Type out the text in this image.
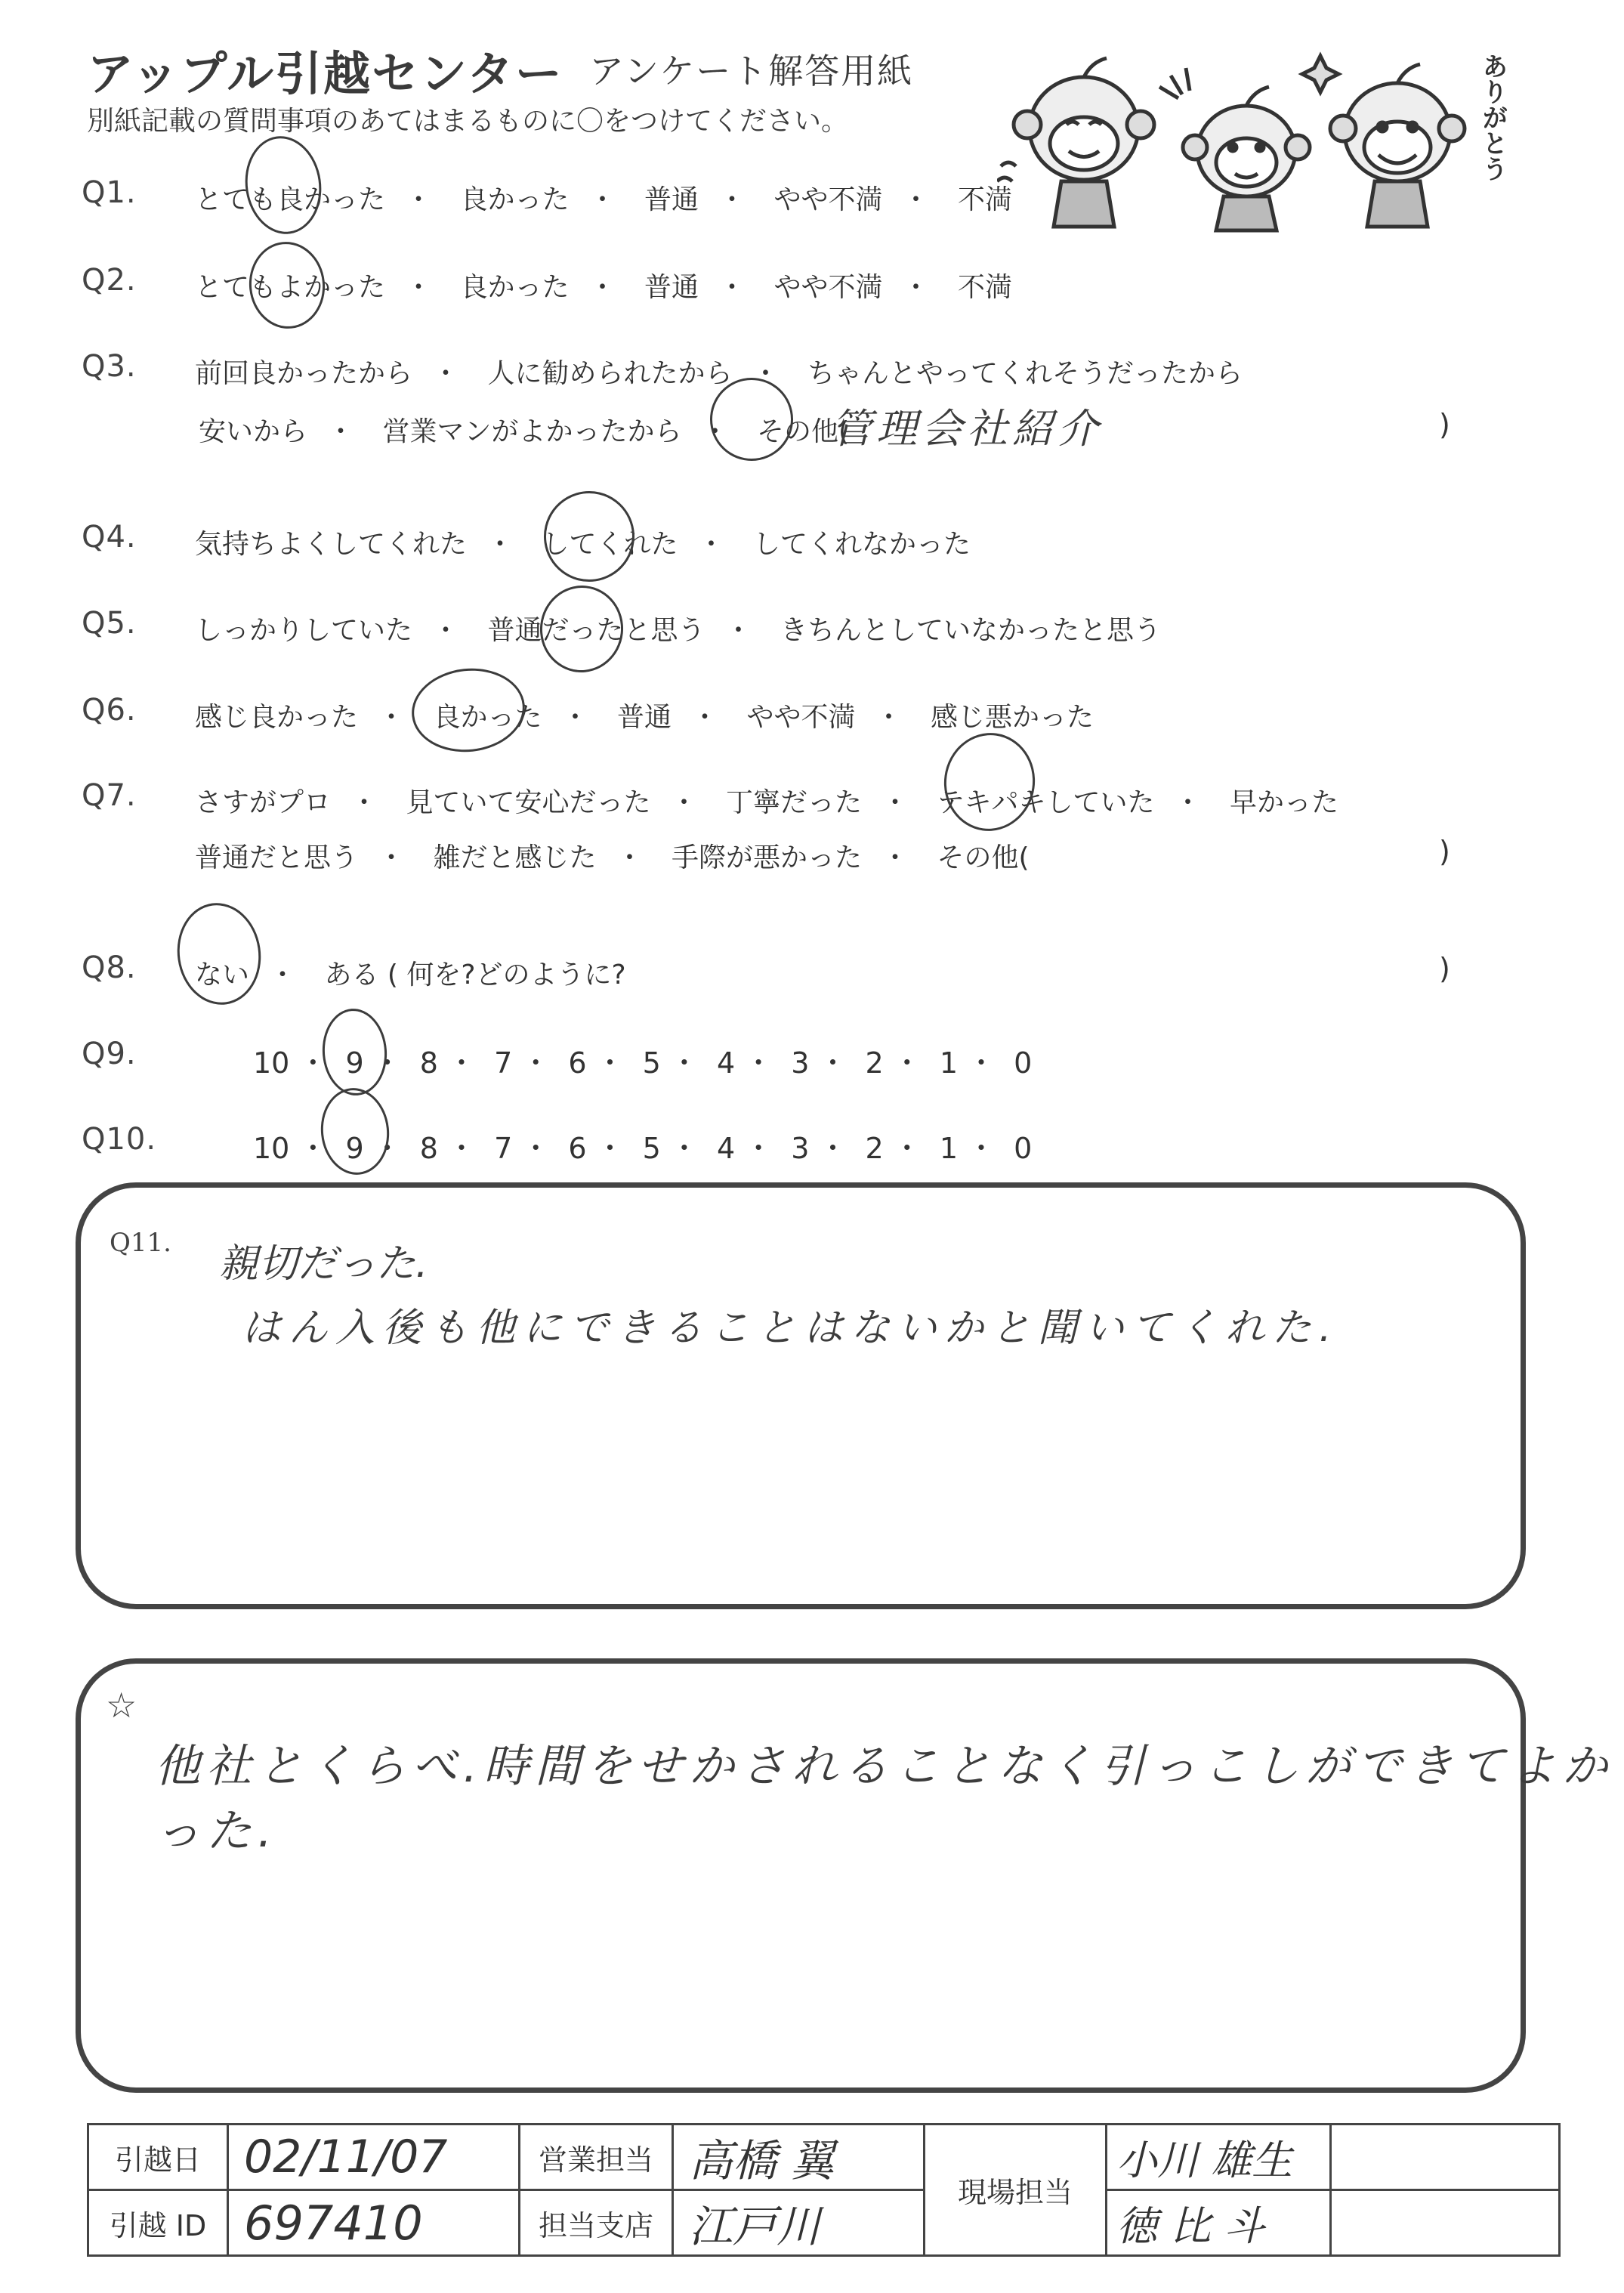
アップル引越センター アンケート解答用紙
別紙記載の質問事項のあてはまるものに〇をつけてください。	ありがとう
Q1. とても良かった ・ 良かった ・ 普通 ・ やや不満 ・ 不満
Q2. とてもよかった ・ 良かった ・ 普通 ・ やや不満 ・ 不満
Q3. 前回良かったから ・ 人に勧められたから ・ ちゃんとやってくれそうだったから
安いから ・ 営業マンがよかったから ・ その他(
管理会社紹介	)
Q4. 気持ちよくしてくれた ・ してくれた ・ してくれなかった
Q5. しっかりしていた ・ 普通だったと思う ・ きちんとしていなかったと思う
Q6. 感じ良かった ・ 良かった ・ 普通 ・ やや不満 ・ 感じ悪かった
Q7. さすがプロ ・ 見ていて安心だった ・ 丁寧だった ・ テキパキしていた ・ 早かった
普通だと思う ・ 雑だと感じた ・ 手際が悪かった ・ その他(	)
Q8. ない ・ ある ( 何を?どのように?	)
Q9.	10 ・ 9 ・ 8 ・ 7 ・ 6 ・ 5 ・ 4 ・ 3 ・ 2 ・ 1 ・ 0
Q10.	10 ・ 9 ・ 8 ・ 7 ・ 6 ・ 5 ・ 4 ・ 3 ・ 2 ・ 1 ・ 0
Q11. 親切だった.
はん入後も他にできることはないかと聞いてくれた.
☆
他社とくらべ.時間をせかされることなく引っこしができてよかった.
引越日	02/11/07	営業担当	高橋 翼	現場担当	小川 雄生	
引越 ID	697410	担当支店	江戸川		徳 比 斗	
